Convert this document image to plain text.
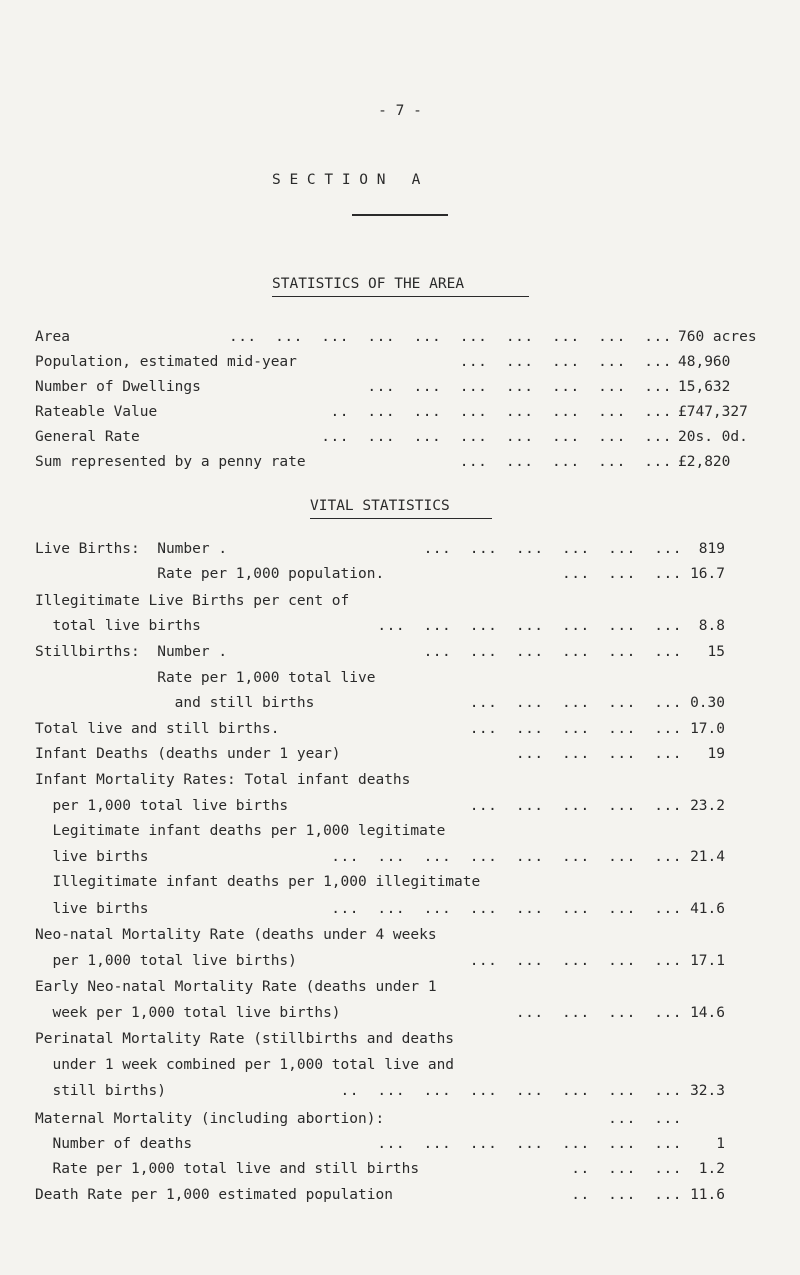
- 7 -
S E C T I O N   A
STATISTICS OF THE AREA
Area	...  ...  ...  ...  ...  ...  ...  ...  ...  ... 760 acres
Population, estimated mid-year	...  ...  ...  ...  ... 48,960
Number of Dwellings	...  ...  ...  ...  ...  ...  ... 15,632
Rateable Value	..  ...  ...  ...  ...  ...  ...  ... £747,327
General Rate	...  ...  ...  ...  ...  ...  ...  ... 20s. 0d.
Sum represented by a penny rate	...  ...  ...  ...  ... £2,820
VITAL STATISTICS
Live Births:  Number .	...  ...  ...  ...  ...  ... 819
Rate per 1,000 population.	...  ...  ... 16.7
Illegitimate Live Births per cent of
total live births	...  ...  ...  ...  ...  ...  ... 8.8
Stillbirths:  Number .	...  ...  ...  ...  ...  ... 15
Rate per 1,000 total live
and still births	...  ...  ...  ...  ... 0.30
Total live and still births.	...  ...  ...  ...  ... 17.0
Infant Deaths (deaths under 1 year)	...  ...  ...  ... 19
Infant Mortality Rates: Total infant deaths
per 1,000 total live births	...  ...  ...  ...  ... 23.2
Legitimate infant deaths per 1,000 legitimate
live births	...  ...  ...  ...  ...  ...  ...  ... 21.4
Illegitimate infant deaths per 1,000 illegitimate
live births	...  ...  ...  ...  ...  ...  ...  ... 41.6
Neo-natal Mortality Rate (deaths under 4 weeks
per 1,000 total live births)	...  ...  ...  ...  ... 17.1
Early Neo-natal Mortality Rate (deaths under 1
week per 1,000 total live births)	...  ...  ...  ... 14.6
Perinatal Mortality Rate (stillbirths and deaths
under 1 week combined per 1,000 total live and
still births)	..  ...  ...  ...  ...  ...  ...  ... 32.3
Maternal Mortality (including abortion):	...  ...
Number of deaths	...  ...  ...  ...  ...  ...  ... 1
Rate per 1,000 total live and still births	..  ...  ... 1.2
Death Rate per 1,000 estimated population	..  ...  ... 11.6
